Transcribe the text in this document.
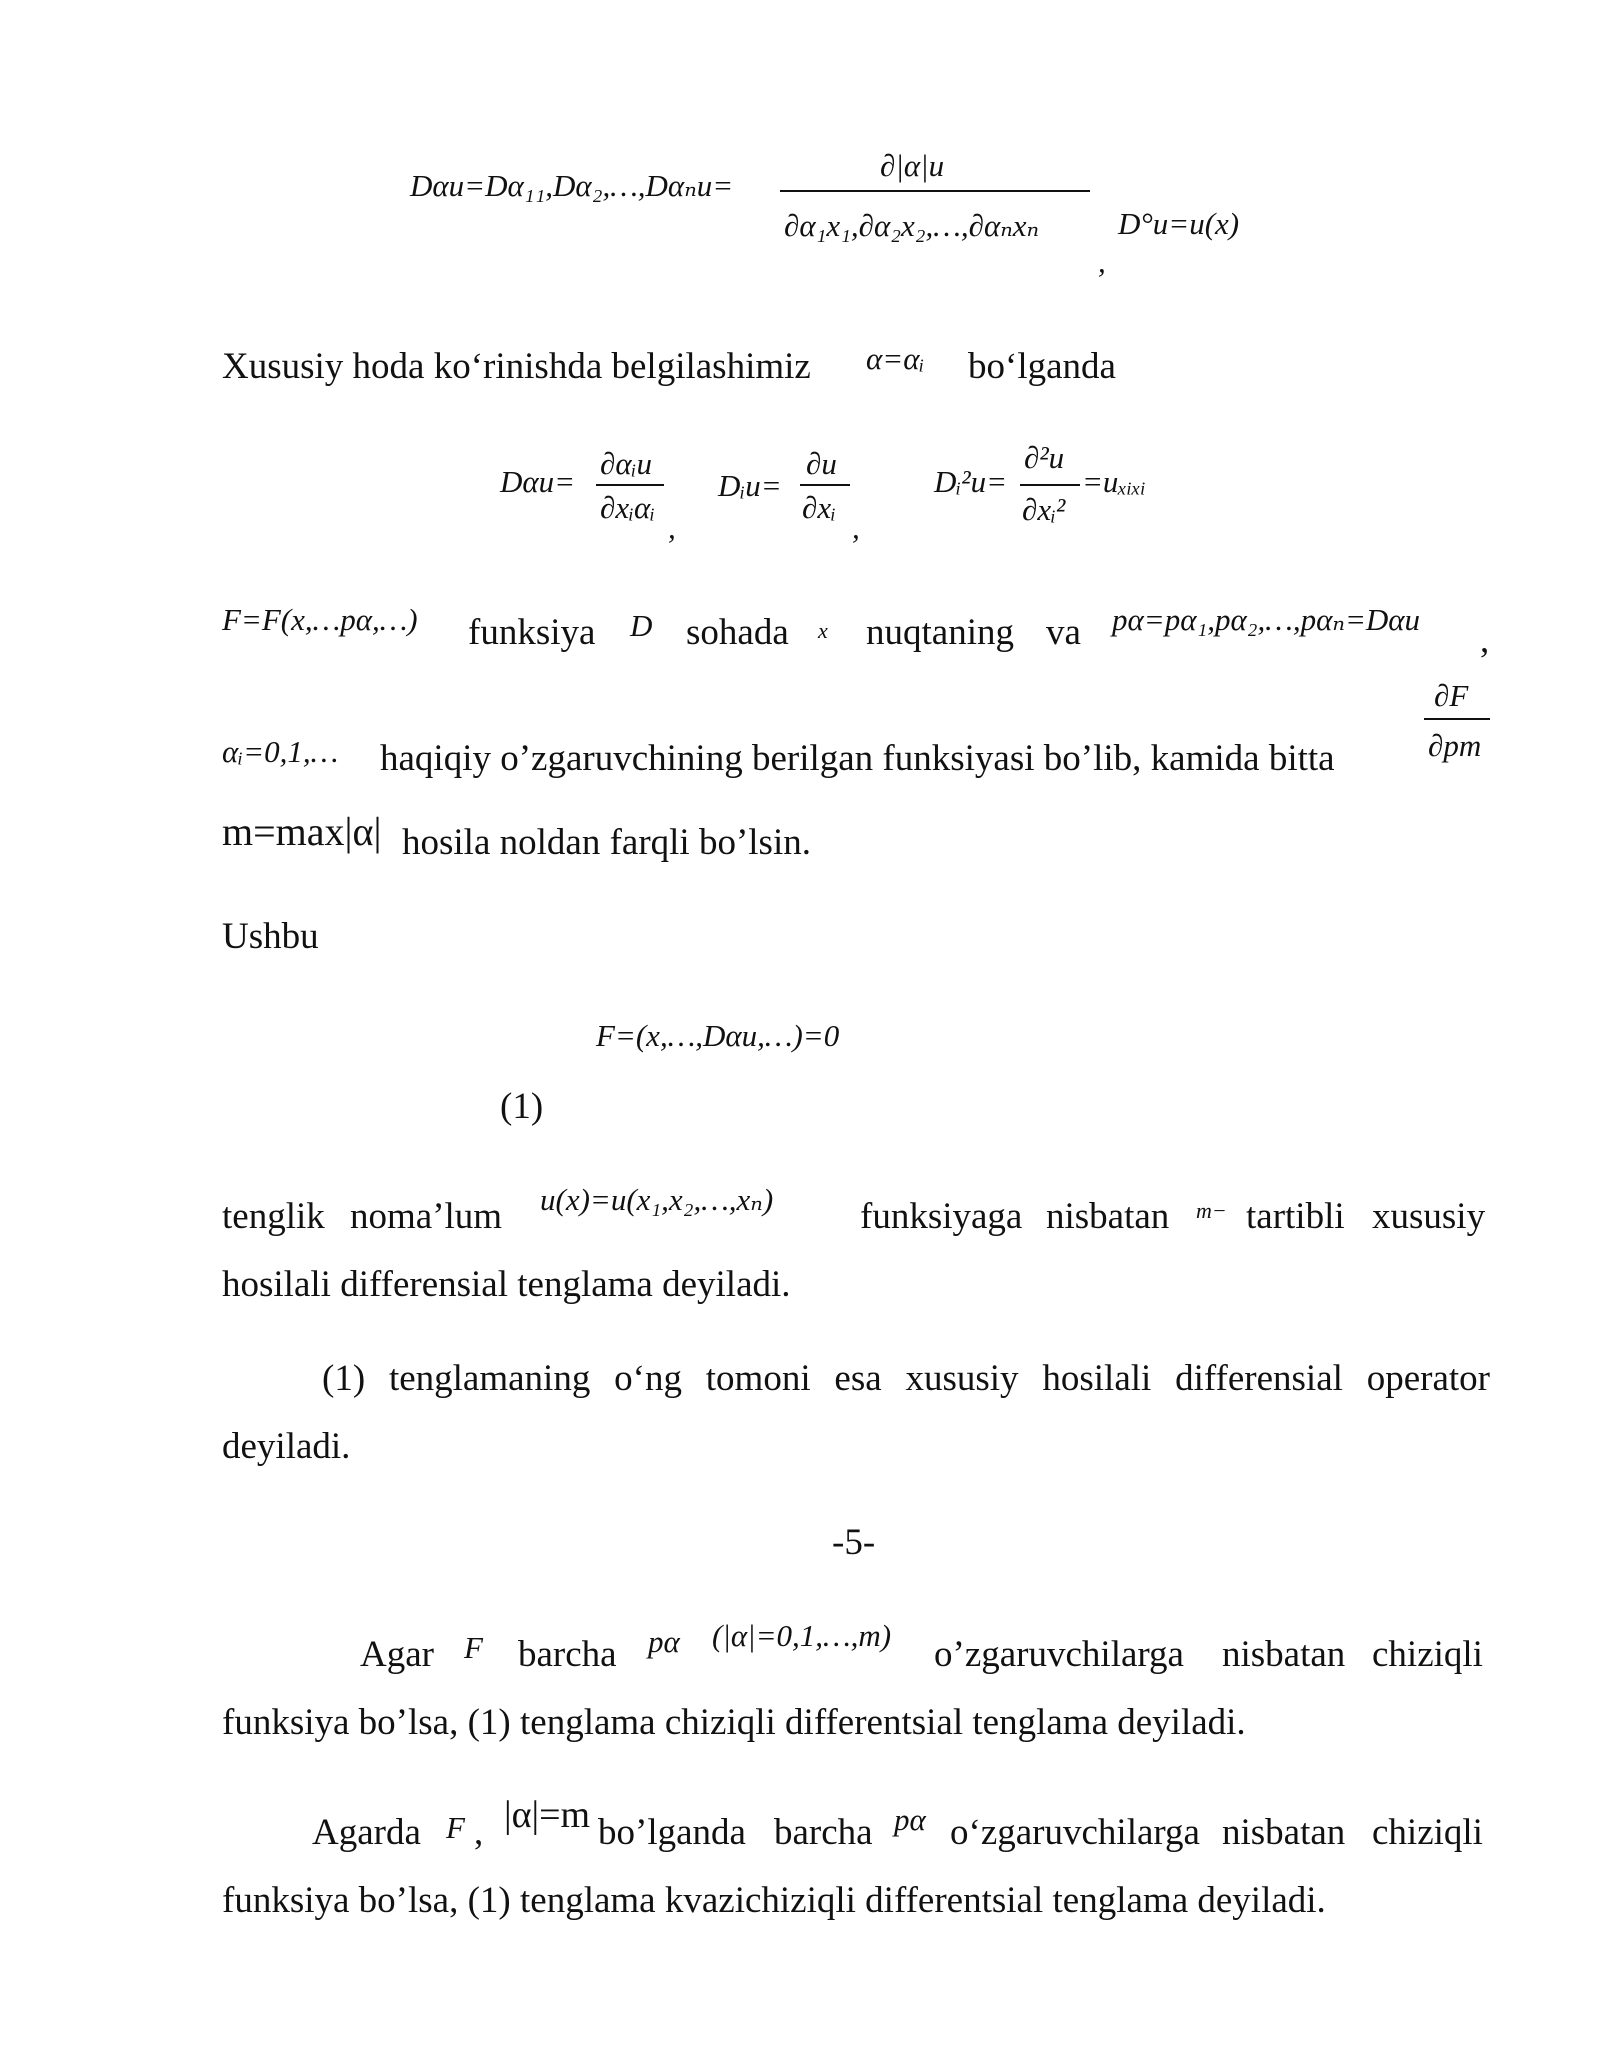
Dαu=Dα₁₁,Dα₂,…,Dαₙu=
∂|α|u
∂α₁x₁,∂α₂x₂,…,∂αₙxₙ
,
D°u=u(x)
Xususiy hoda ko‘rinishda belgilashimiz α=αᵢ bo‘lganda
Dαu=
∂αᵢu
∂xᵢαᵢ
,
Dᵢu=
∂u
∂xᵢ
,
Dᵢ²u=
∂²u
∂xᵢ²
=uₓᵢₓᵢ
F=F(x,…pα,…) funksiya D sohada x nuqtaning va pα=pα₁,pα₂,…,pαₙ=Dαu
,
αᵢ=0,1,… haqiqiy o’zgaruvchining berilgan funksiyasi bo’lib, kamida bitta
∂F
∂pm
m=max|α| hosila noldan farqli bo’lsin.
Ushbu
F=(x,…,Dαu,…)=0
(1)
tenglik noma’lum u(x)=u(x₁,x₂,…,xₙ) funksiyaga nisbatan m− tartibli xususiy
hosilali differensial tenglama deyiladi.
(1) tenglamaning o‘ng tomoni esa xususiy hosilali differensial operator
deyiladi.
-5-
Agar F barcha pα (|α|=0,1,…,m) o’zgaruvchilarga nisbatan chiziqli
funksiya bo’lsa, (1) tenglama chiziqli differentsial tenglama deyiladi.
Agarda F , |α|=m bo’lganda barcha pα o‘zgaruvchilarga nisbatan chiziqli
funksiya bo’lsa, (1) tenglama kvazichiziqli differentsial tenglama deyiladi.
